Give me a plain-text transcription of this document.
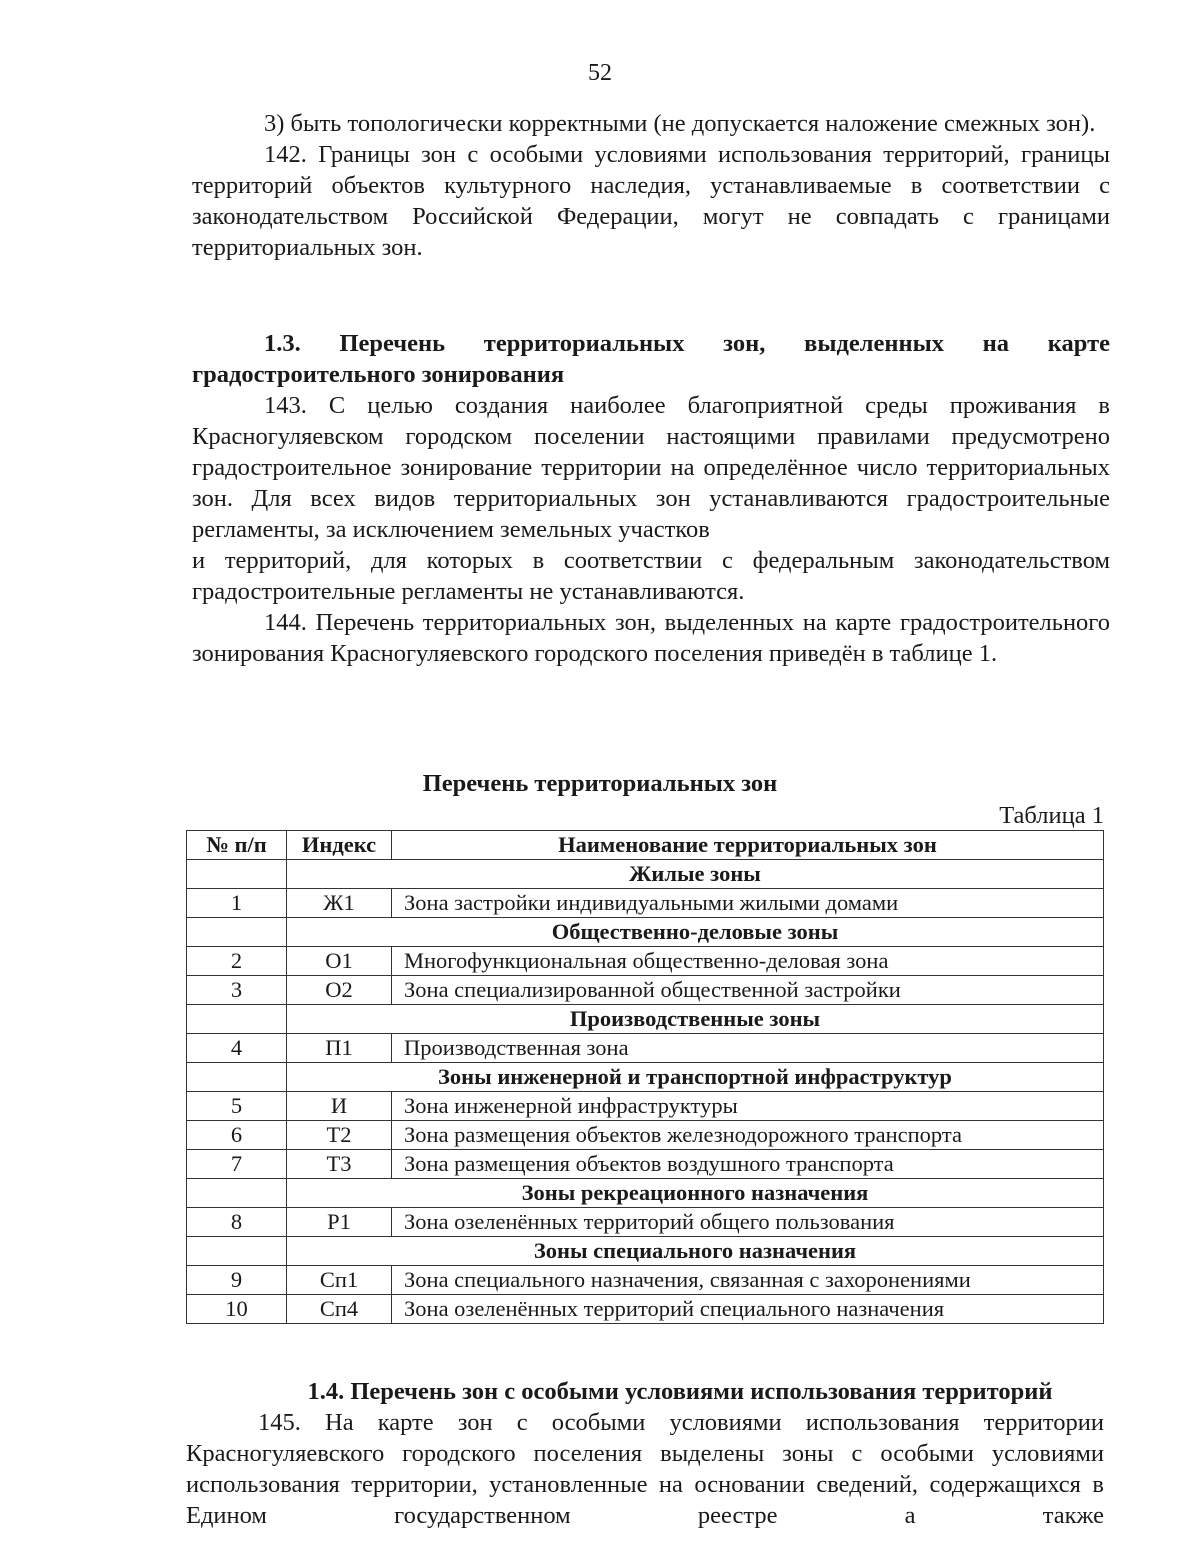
52

3) быть топологически корректными (не допускается наложение смежных зон).

142. Границы зон с особыми условиями использования территорий, границы территорий объектов культурного наследия, устанавливаемые в соответствии с законодательством Российской Федерации, могут не совпадать с границами территориальных зон.

1.3. Перечень территориальных зон, выделенных на карте градостроительного зонирования

143. С целью создания наиболее благоприятной среды проживания в Красногуляевском городском поселении настоящими правилами предусмотрено градостроительное зонирование территории на определённое число территориальных зон. Для всех видов территориальных зон устанавливаются градостроительные регламенты, за исключением земельных участков

и территорий, для которых в соответствии с федеральным законодательством градостроительные регламенты не устанавливаются.

144. Перечень территориальных зон, выделенных на карте градостроительного зонирования Красногуляевского городского поселения приведён в таблице 1.

Перечень территориальных зон
Таблица 1
№ п/п	Индекс	Наименование территориальных зон
	Жилые зоны	
1	Ж1	Зона застройки индивидуальными жилыми домами
	Общественно-деловые зоны	
2	О1	Многофункциональная общественно-деловая зона
3	О2	Зона специализированной общественной застройки
	Производственные зоны	
4	П1	Производственная зона
	Зоны инженерной и транспортной инфраструктур	
5	И	Зона инженерной инфраструктуры
6	Т2	Зона размещения объектов железнодорожного транспорта
7	Т3	Зона размещения объектов воздушного транспорта
	Зоны рекреационного назначения	
8	Р1	Зона озеленённых территорий общего пользования
	Зоны специального назначения	
9	Сп1	Зона специального назначения, связанная с захоронениями
10	Сп4	Зона озеленённых территорий специального назначения
1.4. Перечень зон с особыми условиями использования территорий

145. На карте зон с особыми условиями использования территории Красногуляевского городского поселения выделены зоны с особыми условиями использования территории, установленные на основании сведений, содержащихся в Едином государственном реестре а также
